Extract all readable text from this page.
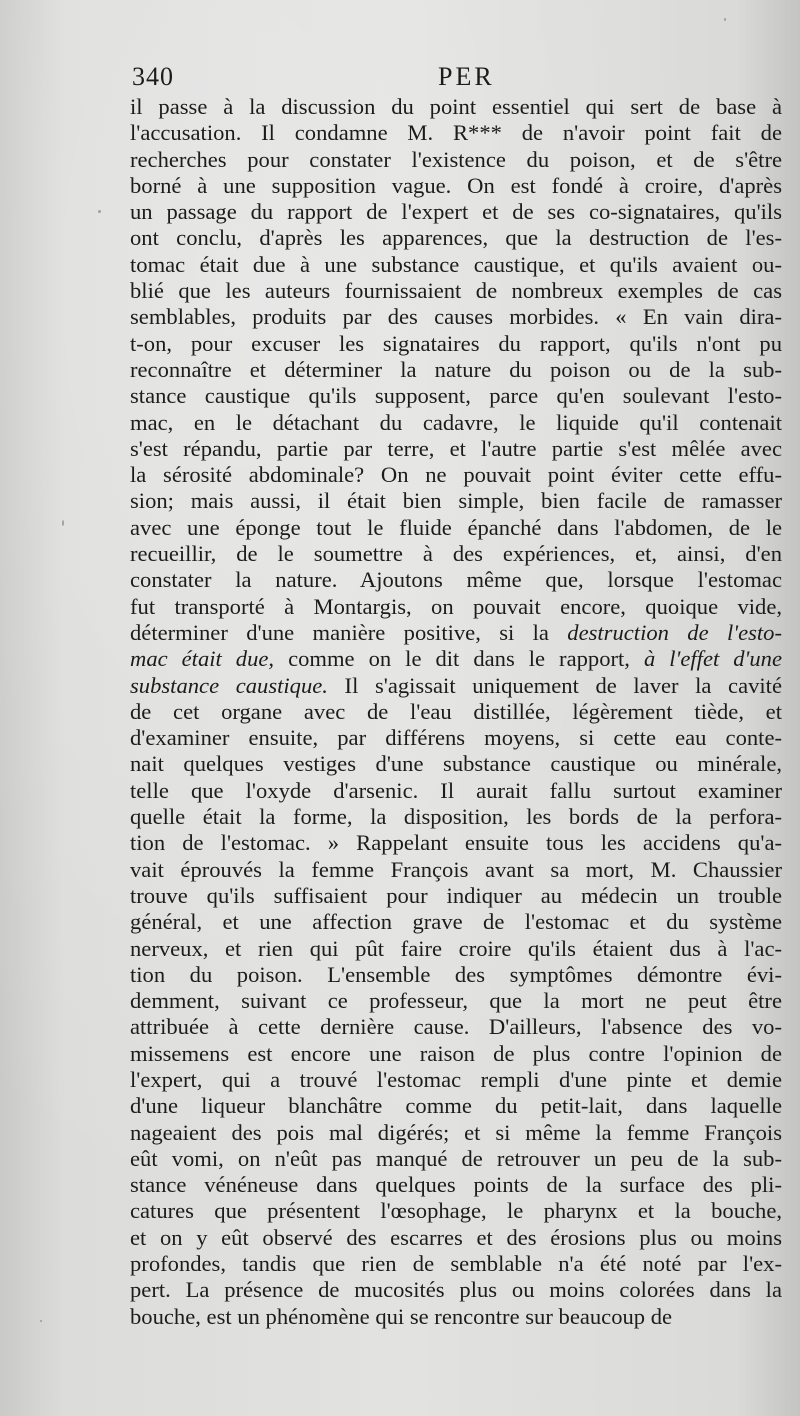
340	PER
il passe à la discussion du point essentiel qui sert de base à
l'accusation. Il condamne M. R*** de n'avoir point fait de
recherches pour constater l'existence du poison, et de s'être
borné à une supposition vague. On est fondé à croire, d'après
un passage du rapport de l'expert et de ses co-signataires, qu'ils
ont conclu, d'après les apparences, que la destruction de l'es-
tomac était due à une substance caustique, et qu'ils avaient ou-
blié que les auteurs fournissaient de nombreux exemples de cas
semblables, produits par des causes morbides. « En vain dira-
t-on, pour excuser les signataires du rapport, qu'ils n'ont pu
reconnaître et déterminer la nature du poison ou de la sub-
stance caustique qu'ils supposent, parce qu'en soulevant l'esto-
mac, en le détachant du cadavre, le liquide qu'il contenait
s'est répandu, partie par terre, et l'autre partie s'est mêlée avec
la sérosité abdominale? On ne pouvait point éviter cette effu-
sion; mais aussi, il était bien simple, bien facile de ramasser
avec une éponge tout le fluide épanché dans l'abdomen, de le
recueillir, de le soumettre à des expériences, et, ainsi, d'en
constater la nature. Ajoutons même que, lorsque l'estomac
fut transporté à Montargis, on pouvait encore, quoique vide,
déterminer d'une manière positive, si la destruction de l'esto-
mac était due, comme on le dit dans le rapport, à l'effet d'une
substance caustique. Il s'agissait uniquement de laver la cavité
de cet organe avec de l'eau distillée, légèrement tiède, et
d'examiner ensuite, par différens moyens, si cette eau conte-
nait quelques vestiges d'une substance caustique ou minérale,
telle que l'oxyde d'arsenic. Il aurait fallu surtout examiner
quelle était la forme, la disposition, les bords de la perfora-
tion de l'estomac. » Rappelant ensuite tous les accidens qu'a-
vait éprouvés la femme François avant sa mort, M. Chaussier
trouve qu'ils suffisaient pour indiquer au médecin un trouble
général, et une affection grave de l'estomac et du système
nerveux, et rien qui pût faire croire qu'ils étaient dus à l'ac-
tion du poison. L'ensemble des symptômes démontre évi-
demment, suivant ce professeur, que la mort ne peut être
attribuée à cette dernière cause. D'ailleurs, l'absence des vo-
missemens est encore une raison de plus contre l'opinion de
l'expert, qui a trouvé l'estomac rempli d'une pinte et demie
d'une liqueur blanchâtre comme du petit-lait, dans laquelle
nageaient des pois mal digérés; et si même la femme François
eût vomi, on n'eût pas manqué de retrouver un peu de la sub-
stance vénéneuse dans quelques points de la surface des pli-
catures que présentent l'œsophage, le pharynx et la bouche,
et on y eût observé des escarres et des érosions plus ou moins
profondes, tandis que rien de semblable n'a été noté par l'ex-
pert. La présence de mucosités plus ou moins colorées dans la
bouche, est un phénomène qui se rencontre sur beaucoup de
